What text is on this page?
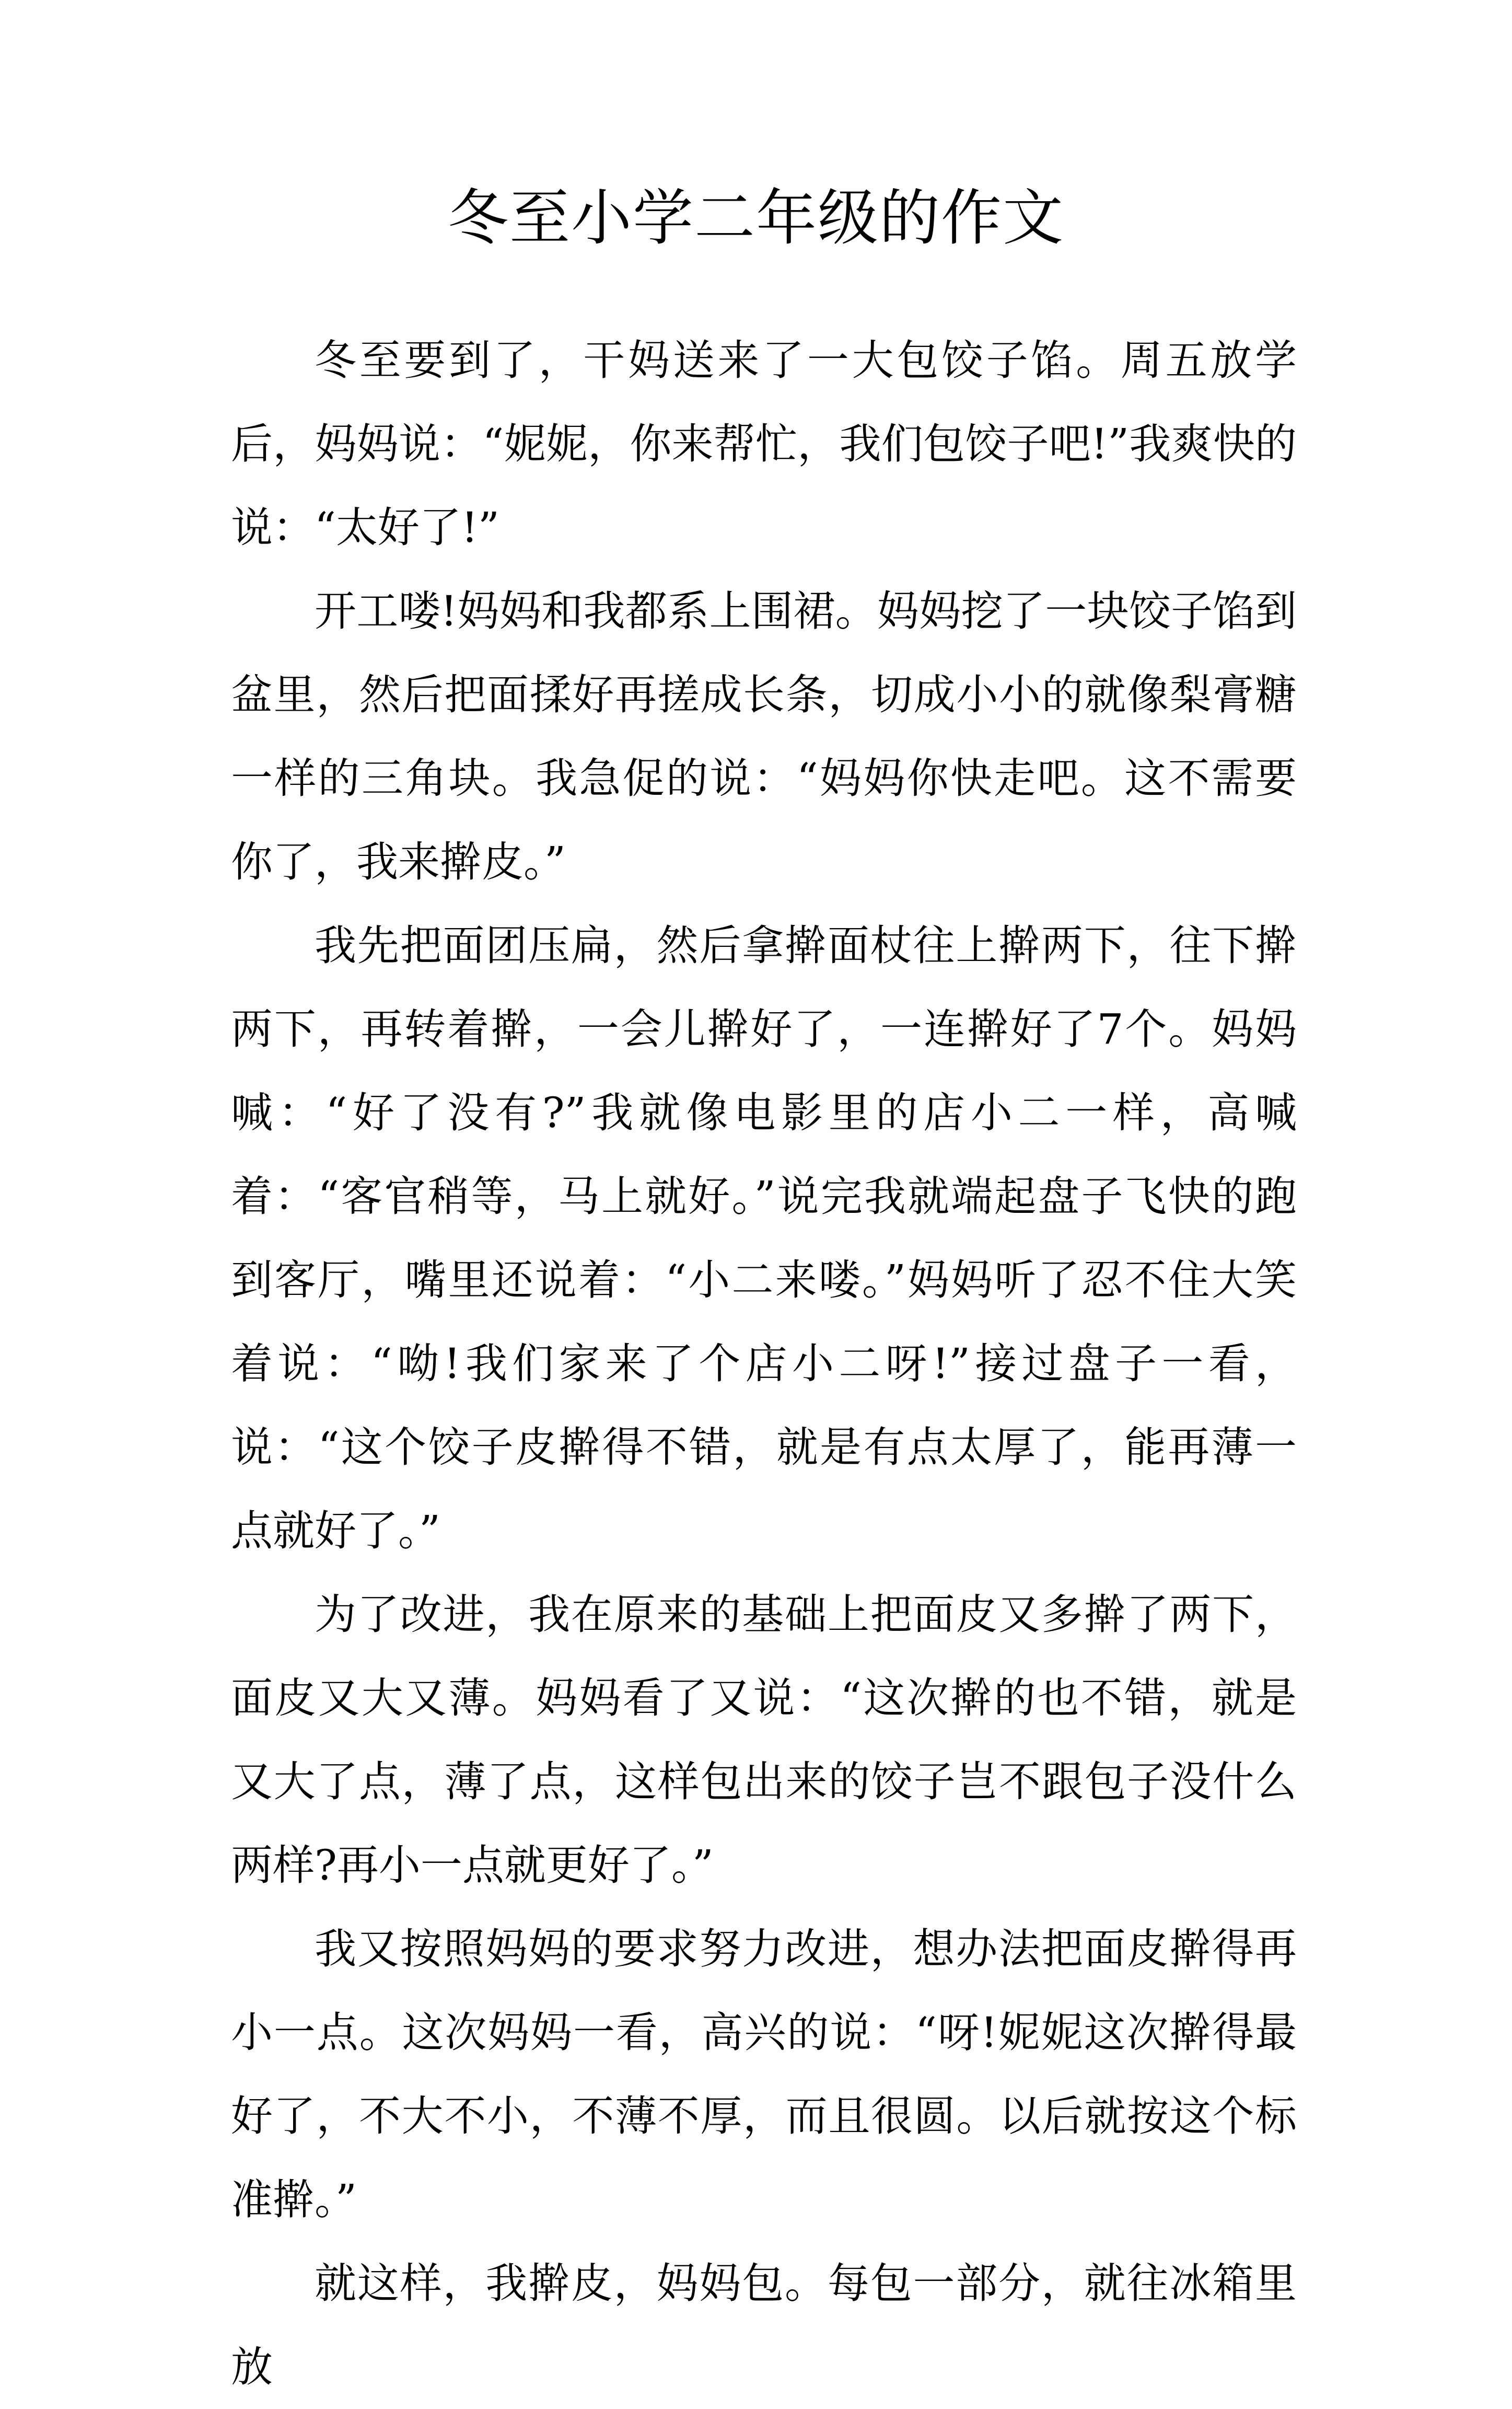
冬至小学二年级的作文

冬至要到了，干妈送来了一大包饺子馅。周五放学后，妈妈说：“妮妮，你来帮忙，我们包饺子吧!”我爽快的说：“太好了!”

开工喽!妈妈和我都系上围裙。妈妈挖了一块饺子馅到盆里，然后把面揉好再搓成长条，切成小小的就像梨膏糖一样的三角块。我急促的说：“妈妈你快走吧。这不需要你了，我来擀皮。”

我先把面团压扁，然后拿擀面杖往上擀两下，往下擀两下，再转着擀，一会儿擀好了，一连擀好了7个。妈妈喊：“好了没有?”我就像电影里的店小二一样，高喊着：“客官稍等，马上就好。”说完我就端起盘子飞快的跑到客厅，嘴里还说着：“小二来喽。”妈妈听了忍不住大笑着说：“呦!我们家来了个店小二呀!”接过盘子一看，说：“这个饺子皮擀得不错，就是有点太厚了，能再薄一点就好了。”

为了改进，我在原来的基础上把面皮又多擀了两下，面皮又大又薄。妈妈看了又说：“这次擀的也不错，就是又大了点，薄了点，这样包出来的饺子岂不跟包子没什么两样?再小一点就更好了。”

我又按照妈妈的要求努力改进，想办法把面皮擀得再小一点。这次妈妈一看，高兴的说：“呀!妮妮这次擀得最好了，不大不小，不薄不厚，而且很圆。以后就按这个标准擀。”

就这样，我擀皮，妈妈包。每包一部分，就往冰箱里放
